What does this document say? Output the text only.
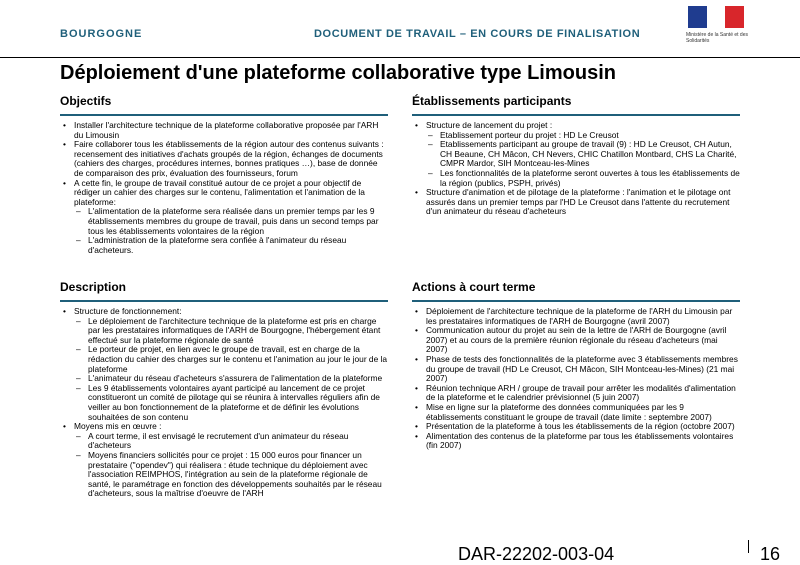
BOURGOGNE	DOCUMENT DE TRAVAIL – EN COURS DE FINALISATION	Ministère de la Santé et des Solidarités
Déploiement d'une plateforme collaborative type Limousin
Objectifs
• Installer l'architecture technique de la plateforme collaborative proposée par l'ARH du Limousin
• Faire collaborer tous les établissements de la région autour des contenus suivants : recensement des initiatives d'achats groupés de la région, échanges de documents (cahiers des charges, procédures internes, bonnes pratiques …), base de donnée de comparaison des prix, évaluation des fournisseurs, forum
• A cette fin, le groupe de travail constitué autour de ce projet a pour objectif de rédiger un cahier des charges sur le contenu, l'alimentation et l'animation de la plateforme:
– L'alimentation de la plateforme sera réalisée dans un premier temps par les 9 établissements membres du groupe de travail, puis dans un second temps par tous les établissements volontaires de la région
– L'administration de la plateforme sera confiée à l'animateur du réseau d'acheteurs.
Établissements participants
• Structure de lancement du projet :
– Etablissement porteur du projet : HD Le Creusot
– Etablissements participant au groupe de travail (9) : HD Le Creusot, CH Autun, CH Beaune, CH Mâcon, CH Nevers, CHIC Chatillon Montbard, CHS La Charité, CMPR Mardor, SIH Montceau-les-Mines
– Les fonctionnalités de la plateforme seront ouvertes à tous les établissements de la région (publics, PSPH, privés)
• Structure d'animation et de pilotage de la plateforme : l'animation et le pilotage ont assurés dans un premier temps par l'HD Le Creusot dans l'attente du recrutement d'un animateur du réseau d'acheteurs
Description
• Structure de fonctionnement:
– Le déploiement de l'architecture technique de la plateforme est pris en charge par les prestataires informatiques de l'ARH de Bourgogne, l'hébergement étant effectué sur la plateforme régionale de santé
– Le porteur de projet, en lien avec le groupe de travail, est en charge de la rédaction du cahier des charges sur le contenu et l'animation au jour le jour de la plateforme
– L'animateur du réseau d'acheteurs s'assurera de l'alimentation de la plateforme
– Les 9 établissements volontaires ayant participé au lancement de ce projet constitueront un comité de pilotage qui se réunira à intervalles réguliers afin de veiller au bon fonctionnement de la plateforme et de définir les évolutions souhaitées de son contenu
• Moyens mis en œuvre :
– A court terme, il est envisagé le recrutement d'un animateur du réseau d'acheteurs
– Moyens financiers sollicités pour ce projet : 15 000 euros pour financer un prestataire ("opendev") qui réalisera : étude technique du déploiement avec l'association REIMPHOS, l'intégration au sein de la plateforme régionale de santé, le paramétrage en fonction des développements souhaités par le réseau d'acheteurs, sous la maîtrise d'oeuvre de l'ARH
Actions à court terme
• Déploiement de l'architecture technique de la plateforme de l'ARH du Limousin par les prestataires informatiques de l'ARH de Bourgogne (avril 2007)
• Communication autour du projet au sein de la lettre de l'ARH de Bourgogne (avril 2007) et au cours de la première réunion régionale du réseau d'acheteurs (mai 2007)
• Phase de tests des fonctionnalités de la plateforme avec 3 établissements membres du groupe de travail (HD Le Creusot, CH Mâcon, SIH Montceau-les-Mines) (21 mai 2007)
• Réunion technique ARH / groupe de travail pour arrêter les modalités d'alimentation de la plateforme et le calendrier prévisionnel (5 juin 2007)
• Mise en ligne sur la plateforme des données communiquées par les 9 établissements constituant le groupe de travail (date limite : septembre 2007)
• Présentation de la plateforme à tous les établissements de la région (octobre 2007)
• Alimentation des contenus de la plateforme par tous les établissements volontaires (fin 2007)
DAR-22202-003-04	16
